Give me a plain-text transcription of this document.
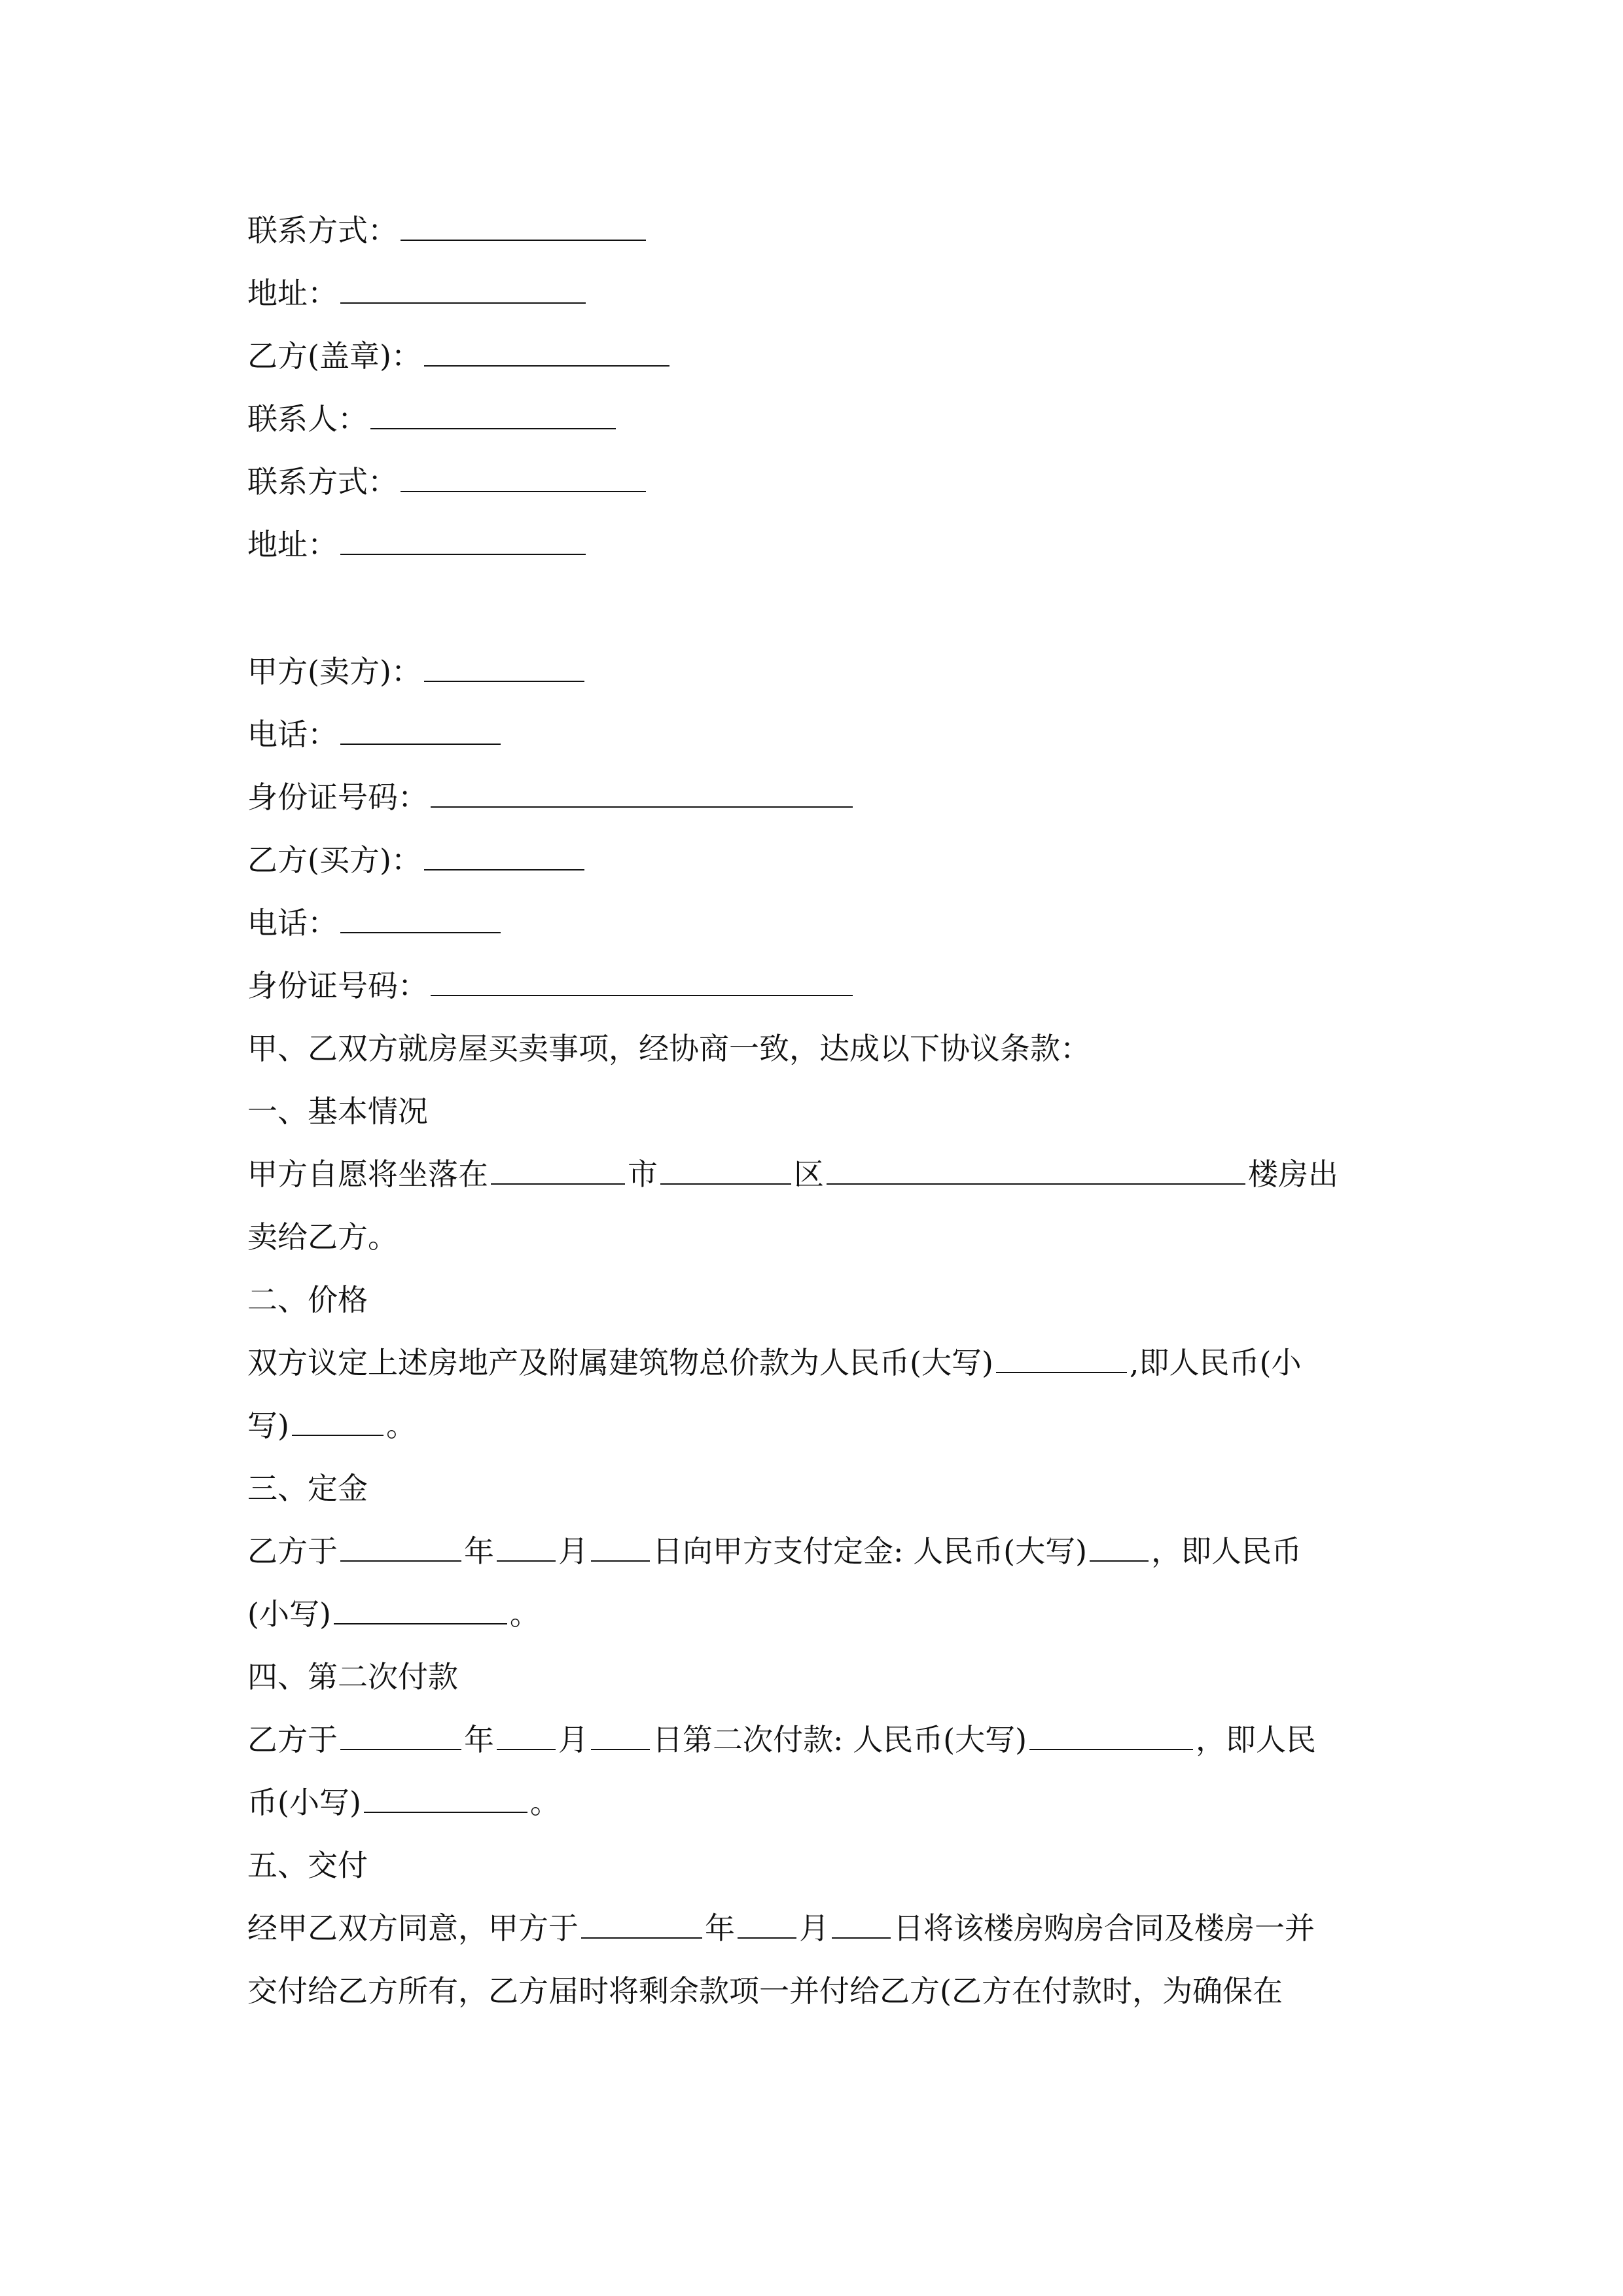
联系方式：
地址：
乙方(盖章)：
联系人：
联系方式：
地址：
甲方(卖方)：
电话：
身份证号码：
乙方(买方)：
电话：
身份证号码：
甲、乙双方就房屋买卖事项，经协商一致，达成以下协议条款：
一、基本情况
甲方自愿将坐落在	市	区	楼房出
卖给乙方。
二、价格
双方议定上述房地产及附属建筑物总价款为人民币(大写)	,即人民币(小
写)	。
三、定金
乙方于	年 月 日向甲方支付定金: 人民币(大写) ，即人民币
(小写)	。
四、第二次付款
乙方于	年 月 日第二次付款: 人民币(大写)	，即人民
币(小写)	。
五、交付
经甲乙双方同意，甲方于	年 月 日将该楼房购房合同及楼房一并
交付给乙方所有，乙方届时将剩余款项一并付给乙方(乙方在付款时，为确保在
